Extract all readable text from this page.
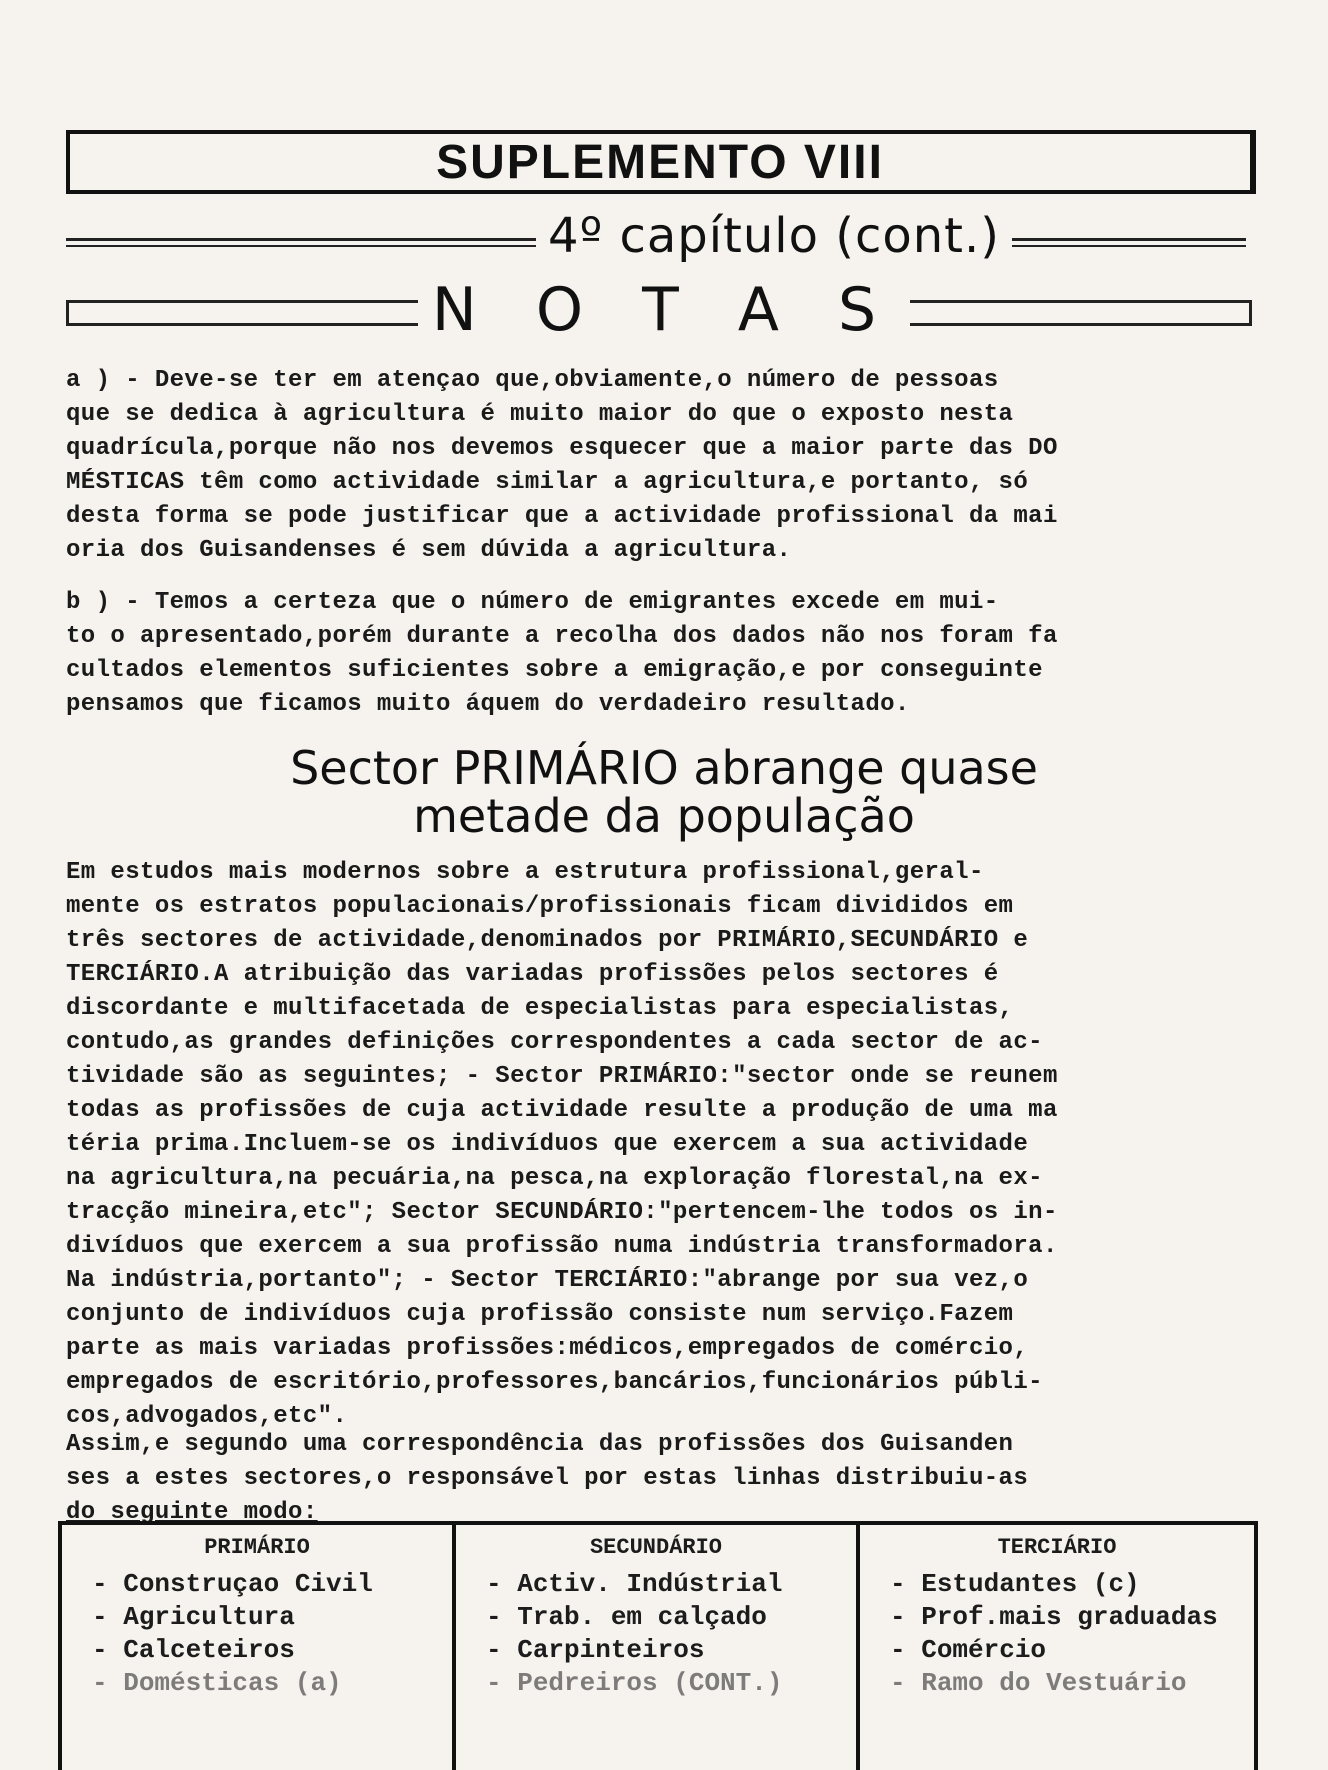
SUPLEMENTO VIII
4º capítulo (cont.)
N O T A S
a ) - Deve-se ter em atençao que,obviamente,o número de pessoas
que se dedica à agricultura é muito maior do que o exposto nesta
quadrícula,porque não nos devemos esquecer que a maior parte das DO
MÉSTICAS têm como actividade similar a agricultura,e portanto, só
desta forma se pode justificar que a actividade profissional da mai
oria dos Guisandenses é sem dúvida a agricultura.
b ) - Temos a certeza que o número de emigrantes excede em mui-
to o apresentado,porém durante a recolha dos dados não nos foram fa
cultados elementos suficientes sobre a emigração,e por conseguinte
pensamos que ficamos muito áquem do verdadeiro resultado.
Sector PRIMÁRIO abrange quase
metade da população
Em estudos mais modernos sobre a estrutura profissional,geral-
mente os estratos populacionais/profissionais ficam divididos em
três sectores de actividade,denominados por PRIMÁRIO,SECUNDÁRIO e
TERCIÁRIO.A atribuição das variadas profissões pelos sectores é
discordante e multifacetada de especialistas para especialistas,
contudo,as grandes definições correspondentes a cada sector de ac-
tividade são as seguintes; - Sector PRIMÁRIO:"sector onde se reunem
todas as profissões de cuja actividade resulte a produção de uma ma
téria prima.Incluem-se os indivíduos que exercem a sua actividade
na agricultura,na pecuária,na pesca,na exploração florestal,na ex-
tracção mineira,etc"; Sector SECUNDÁRIO:"pertencem-lhe todos os in-
divíduos que exercem a sua profissão numa indústria transformadora.
Na indústria,portanto"; - Sector TERCIÁRIO:"abrange por sua vez,o
conjunto de indivíduos cuja profissão consiste num serviço.Fazem
parte as mais variadas profissões:médicos,empregados de comércio,
empregados de escritório,professores,bancários,funcionários públi-
cos,advogados,etc".
Assim,e segundo uma correspondência das profissões dos Guisanden
ses a estes sectores,o responsável por estas linhas distribuiu-as
do seguinte modo:
PRIMÁRIO
- Construçao Civil
- Agricultura
- Calceteiros
- Domésticas (a)
SECUNDÁRIO
- Activ. Indústrial
- Trab. em calçado
- Carpinteiros
- Pedreiros (CONT.)
TERCIÁRIO
- Estudantes (c)
- Prof.mais graduadas
- Comércio
- Ramo do Vestuário
